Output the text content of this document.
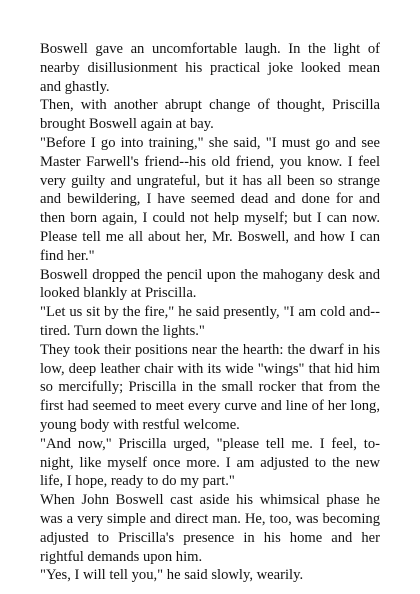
Boswell gave an uncomfortable laugh. In the light of nearby disillusionment his practical joke looked mean and ghastly.

Then, with another abrupt change of thought, Priscilla brought Boswell again at bay.

"Before I go into training," she said, "I must go and see Master Farwell's friend--his old friend, you know. I feel very guilty and ungrateful, but it has all been so strange and bewildering, I have seemed dead and done for and then born again, I could not help myself; but I can now. Please tell me all about her, Mr. Boswell, and how I can find her."

Boswell dropped the pencil upon the mahogany desk and looked blankly at Priscilla.

"Let us sit by the fire," he said presently, "I am cold and--tired. Turn down the lights."

They took their positions near the hearth: the dwarf in his low, deep leather chair with its wide "wings" that hid him so mercifully; Priscilla in the small rocker that from the first had seemed to meet every curve and line of her long, young body with restful welcome.

"And now," Priscilla urged, "please tell me. I feel, to-night, like myself once more. I am adjusted to the new life, I hope, ready to do my part."

When John Boswell cast aside his whimsical phase he was a very simple and direct man. He, too, was becoming adjusted to Priscilla's presence in his home and her rightful demands upon him.

"Yes, I will tell you," he said slowly, wearily.
